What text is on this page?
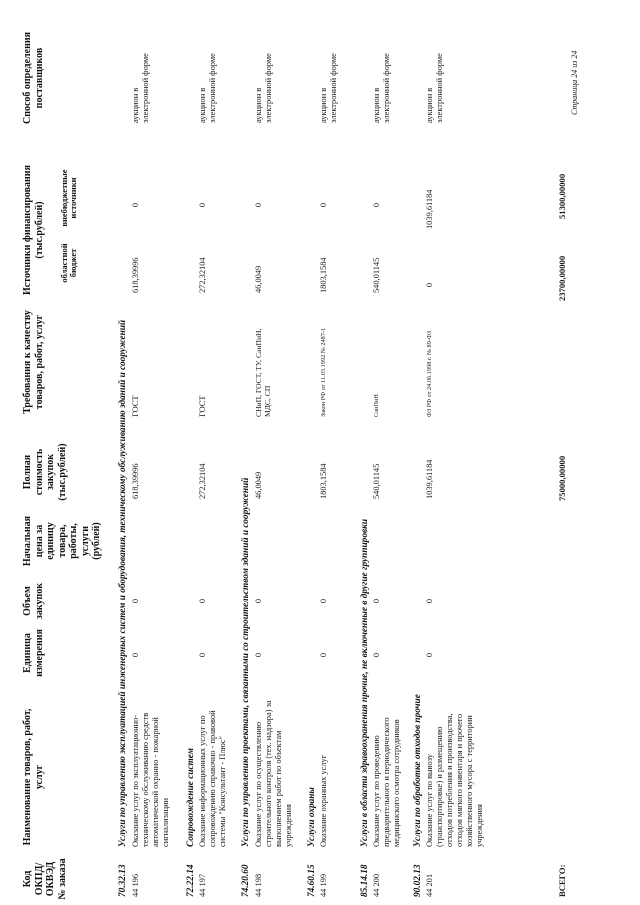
Код ОКПД/ ОКВЭД № заказа
Наименование товаров, работ, услуг
Единица измерения
Объем закупок
Начальная цена за единицу товара, работы, услуги (рублей)
Полная стоимость закупок (тыс.рублей)
Требования к качеству товаров, работ, услуг
Источники финансирования (тыс.рублей)
областной бюджет
внебюджетные источники
Способ определения поставщиков
70.32.13
Услуги по управлению эксплуатацией инженерных систем и оборудования, техническому обслуживанию зданий и сооружений
44 196
Оказание услуг по эксплуатационно-техническому обслуживанию средств автоматической охранно - пожарной сигнализации
0
0
618,39996
ГОСТ
618,39996
0
аукцион в электронной форме
72.22.14
Сопровождение систем
44 197
Оказание информационных услуг по сопровождению справочно - правовой системы "Консультант - Плюс"
0
0
272,32104
ГОСТ
272,32104
0
аукцион в электронной форме
74.20.60
Услуги по управлению проектами, связанными со строительством зданий и сооружений
44 198
Оказание услуг по осуществлению строительного контроля (тех. надзора) за выполнением работ по объектам учреждения
0
0
46,0049
СНиП, ГОСТ, ТУ, СанПиН, МДС, СП
46,0049
0
аукцион в электронной форме
74.60.15
Услуги охраны
44 199
Оказание охранных услуг
0
0
1803,1584
Закон РФ от 11.03.1992 № 2487-1
1803,1584
0
аукцион в электронной форме
85.14.18
Услуги в области здравоохранения прочие, не включенные в другие группировки
44 200
Оказание услуг по проведению предварительного и периодического медицинского осмотра сотрудников
0
0
540,01145
СанПиН
540,01145
0
аукцион в электронной форме
90.02.13
Услуги по обработке отходов прочие
44 201
Оказание услуг по вывозу (транспортировке) и размещению отходов потребления и производства, отходов мягкого инвентаря и прочего хозяйственного мусора с территории учреждения
0
0
1039,61184
ФЗ РФ от 24.06.1998 г. № 89-ФЗ
0
1039,61184
аукцион в электронной форме
ВСЕГО:
75000,00000
23700,00000
51300,00000
Страница 24 из 24
